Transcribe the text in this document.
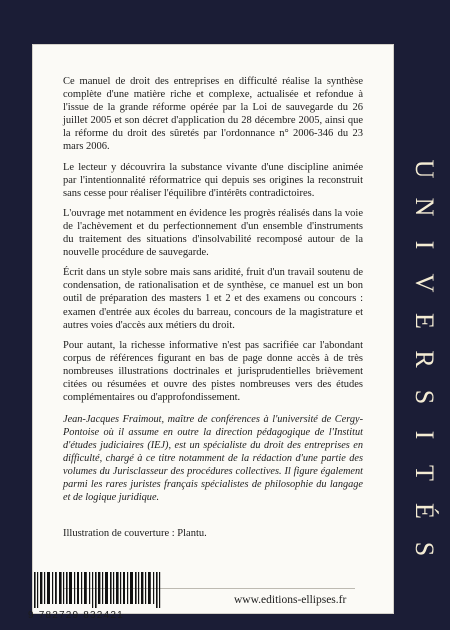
Ce manuel de droit des entreprises en difficulté réalise la synthèse complète d'une matière riche et complexe, actualisée et refondue à l'issue de la grande réforme opérée par la Loi de sauvegarde du 26 juillet 2005 et son décret d'application du 28 décembre 2005, ainsi que la réforme du droit des sûretés par l'ordonnance n° 2006-346 du 23 mars 2006.

Le lecteur y découvrira la substance vivante d'une discipline animée par l'intentionnalité réformatrice qui depuis ses origines la reconstruit sans cesse pour réaliser l'équilibre d'intérêts contradictoires.

L'ouvrage met notamment en évidence les progrès réalisés dans la voie de l'achèvement et du perfectionnement d'un ensemble d'instruments du traitement des situations d'insolvabilité recomposé autour de la nouvelle procédure de sauvegarde.

Écrit dans un style sobre mais sans aridité, fruit d'un travail soutenu de condensation, de rationalisation et de synthèse, ce manuel est un bon outil de préparation des masters 1 et 2 et des examens ou concours : examen d'entrée aux écoles du barreau, concours de la magistrature et autres voies d'accès aux métiers du droit.

Pour autant, la richesse informative n'est pas sacrifiée car l'abondant corpus de références figurant en bas de page donne accès à de très nombreuses illustrations doctrinales et jurisprudentielles brièvement citées ou résumées et ouvre des pistes nombreuses vers des études complémentaires ou d'approfondissement.

Jean-Jacques Fraimout, maître de conférences à l'université de Cergy-Pontoise où il assume en outre la direction pédagogique de l'Institut d'études judiciaires (IEJ), est un spécialiste du droit des entreprises en difficulté, chargé à ce titre notamment de la rédaction d'une partie des volumes du Jurisclasseur des procédures collectives. Il figure également parmi les rares juristes français spécialistes de philosophie du langage et de logique juridique.

Illustration de couverture : Plantu.

9 782729 832421
www.editions-ellipses.fr
U
N
I
V
E
R
S
I
T
É
S
